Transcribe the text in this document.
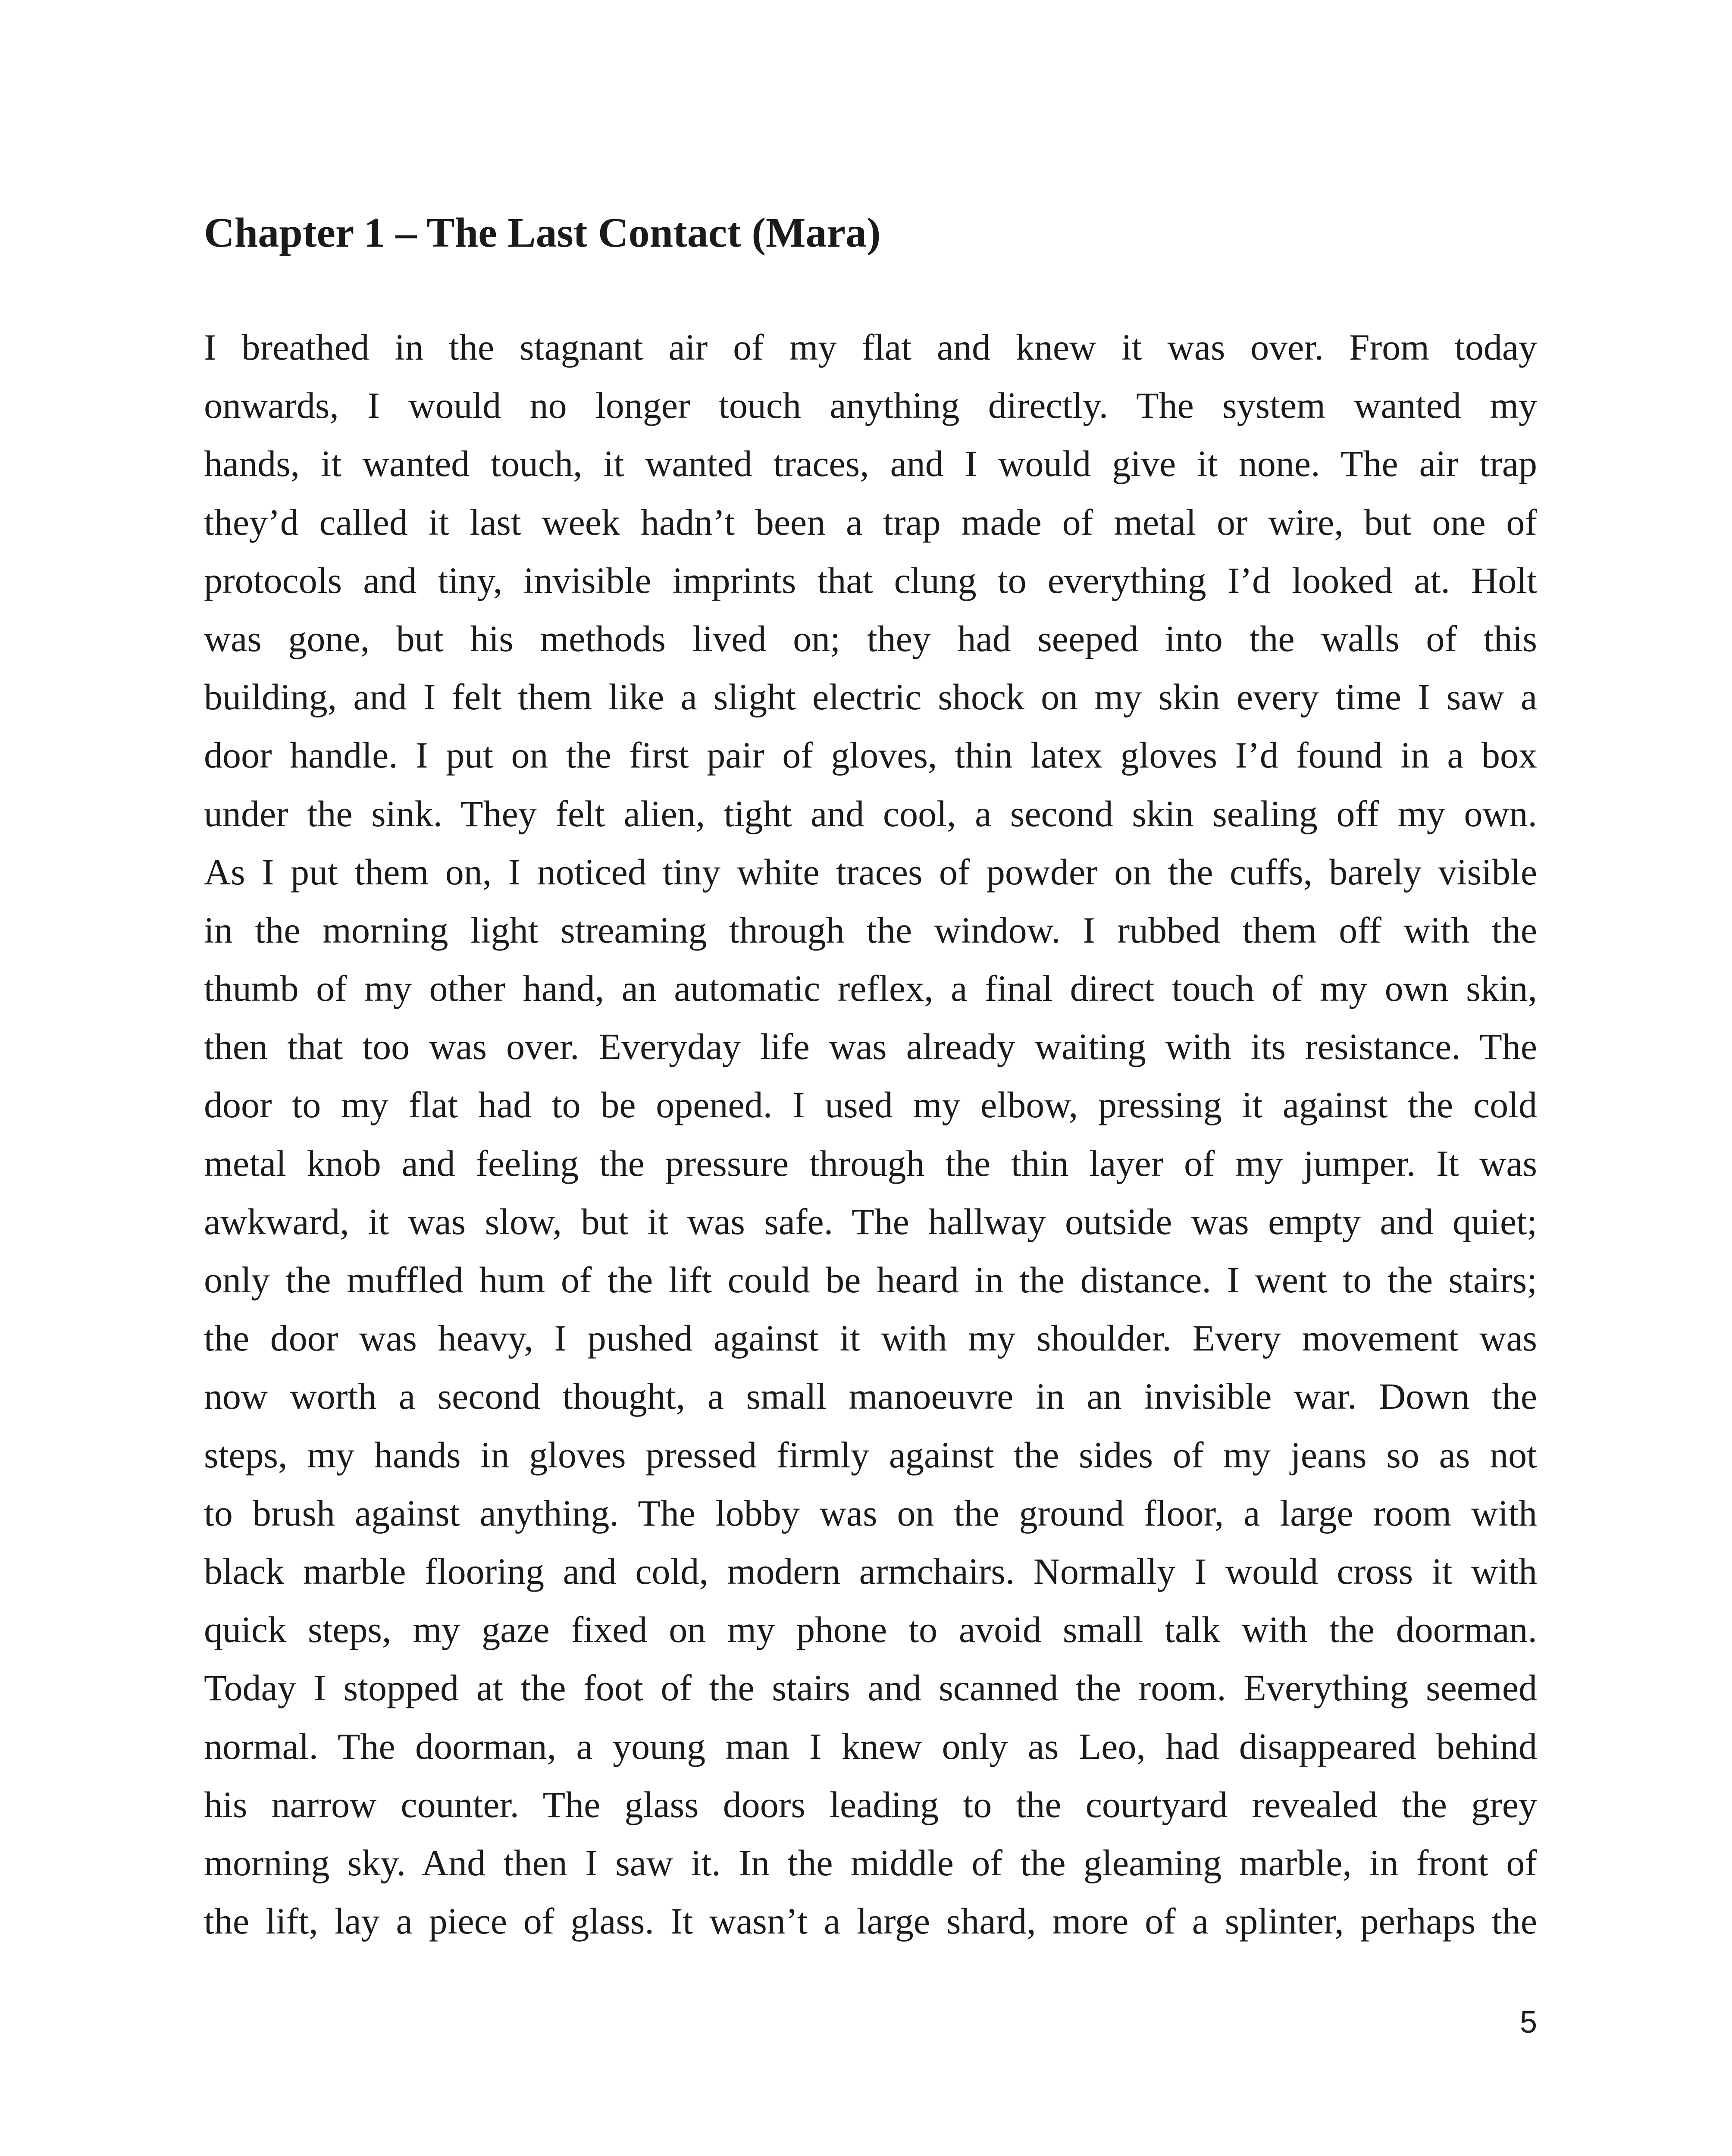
Chapter 1 – The Last Contact (Mara)
I breathed in the stagnant air of my flat and knew it was over. From today
onwards, I would no longer touch anything directly. The system wanted my
hands, it wanted touch, it wanted traces, and I would give it none. The air trap
they’d called it last week hadn’t been a trap made of metal or wire, but one of
protocols and tiny, invisible imprints that clung to everything I’d looked at. Holt
was gone, but his methods lived on; they had seeped into the walls of this
building, and I felt them like a slight electric shock on my skin every time I saw a
door handle. I put on the first pair of gloves, thin latex gloves I’d found in a box
under the sink. They felt alien, tight and cool, a second skin sealing off my own.
As I put them on, I noticed tiny white traces of powder on the cuffs, barely visible
in the morning light streaming through the window. I rubbed them off with the
thumb of my other hand, an automatic reflex, a final direct touch of my own skin,
then that too was over. Everyday life was already waiting with its resistance. The
door to my flat had to be opened. I used my elbow, pressing it against the cold
metal knob and feeling the pressure through the thin layer of my jumper. It was
awkward, it was slow, but it was safe. The hallway outside was empty and quiet;
only the muffled hum of the lift could be heard in the distance. I went to the stairs;
the door was heavy, I pushed against it with my shoulder. Every movement was
now worth a second thought, a small manoeuvre in an invisible war. Down the
steps, my hands in gloves pressed firmly against the sides of my jeans so as not
to brush against anything. The lobby was on the ground floor, a large room with
black marble flooring and cold, modern armchairs. Normally I would cross it with
quick steps, my gaze fixed on my phone to avoid small talk with the doorman.
Today I stopped at the foot of the stairs and scanned the room. Everything seemed
normal. The doorman, a young man I knew only as Leo, had disappeared behind
his narrow counter. The glass doors leading to the courtyard revealed the grey
morning sky. And then I saw it. In the middle of the gleaming marble, in front of
the lift, lay a piece of glass. It wasn’t a large shard, more of a splinter, perhaps the

5
